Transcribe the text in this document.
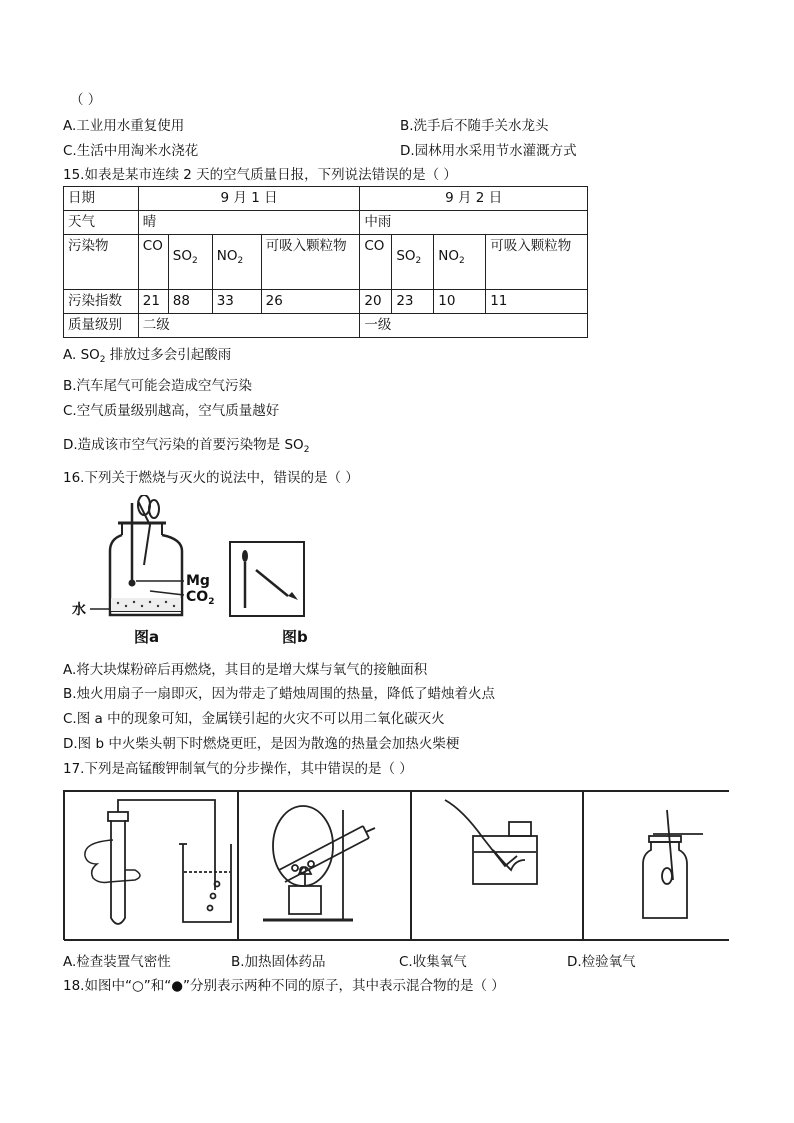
（ ）
A.工业用水重复使用	B.洗手后不随手关水龙头
C.生活中用淘米水浇花	D.园林用水采用节水灌溉方式
15.如表是某市连续 2 天的空气质量日报，下列说法错误的是（ ）
日期	9 月 1 日				9 月 2 日			
天气	晴				中雨			
污染物	CO	$SO_2$	$NO_2$	可吸入颗粒物	CO	$SO_2$	$NO_2$	可吸入颗粒物
污染指数	21	88	33	26	20	23	10	11
质量级别	二级				一级			
A. $SO_2$ 排放过多会引起酸雨
B.汽车尾气可能会造成空气污染
C.空气质量级别越高，空气质量越好
D.造成该市空气污染的首要污染物是 $SO_2$
16.下列关于燃烧与灭火的说法中，错误的是（ ）
Mg
$CO_2$
水
图a	图b
A.将大块煤粉碎后再燃烧，其目的是增大煤与氧气的接触面积
B.烛火用扇子一扇即灭，因为带走了蜡烛周围的热量，降低了蜡烛着火点
C.图 a 中的现象可知，金属镁引起的火灾不可以用二氧化碳灭火
D.图 b 中火柴头朝下时燃烧更旺，是因为散逸的热量会加热火柴梗
17.下列是高锰酸钾制氧气的分步操作，其中错误的是（ ）
A.检查装置气密性	B.加热固体药品	C.收集氧气	D.检验氧气
18.如图中“○”和“●”分别表示两种不同的原子，其中表示混合物的是（ ）
